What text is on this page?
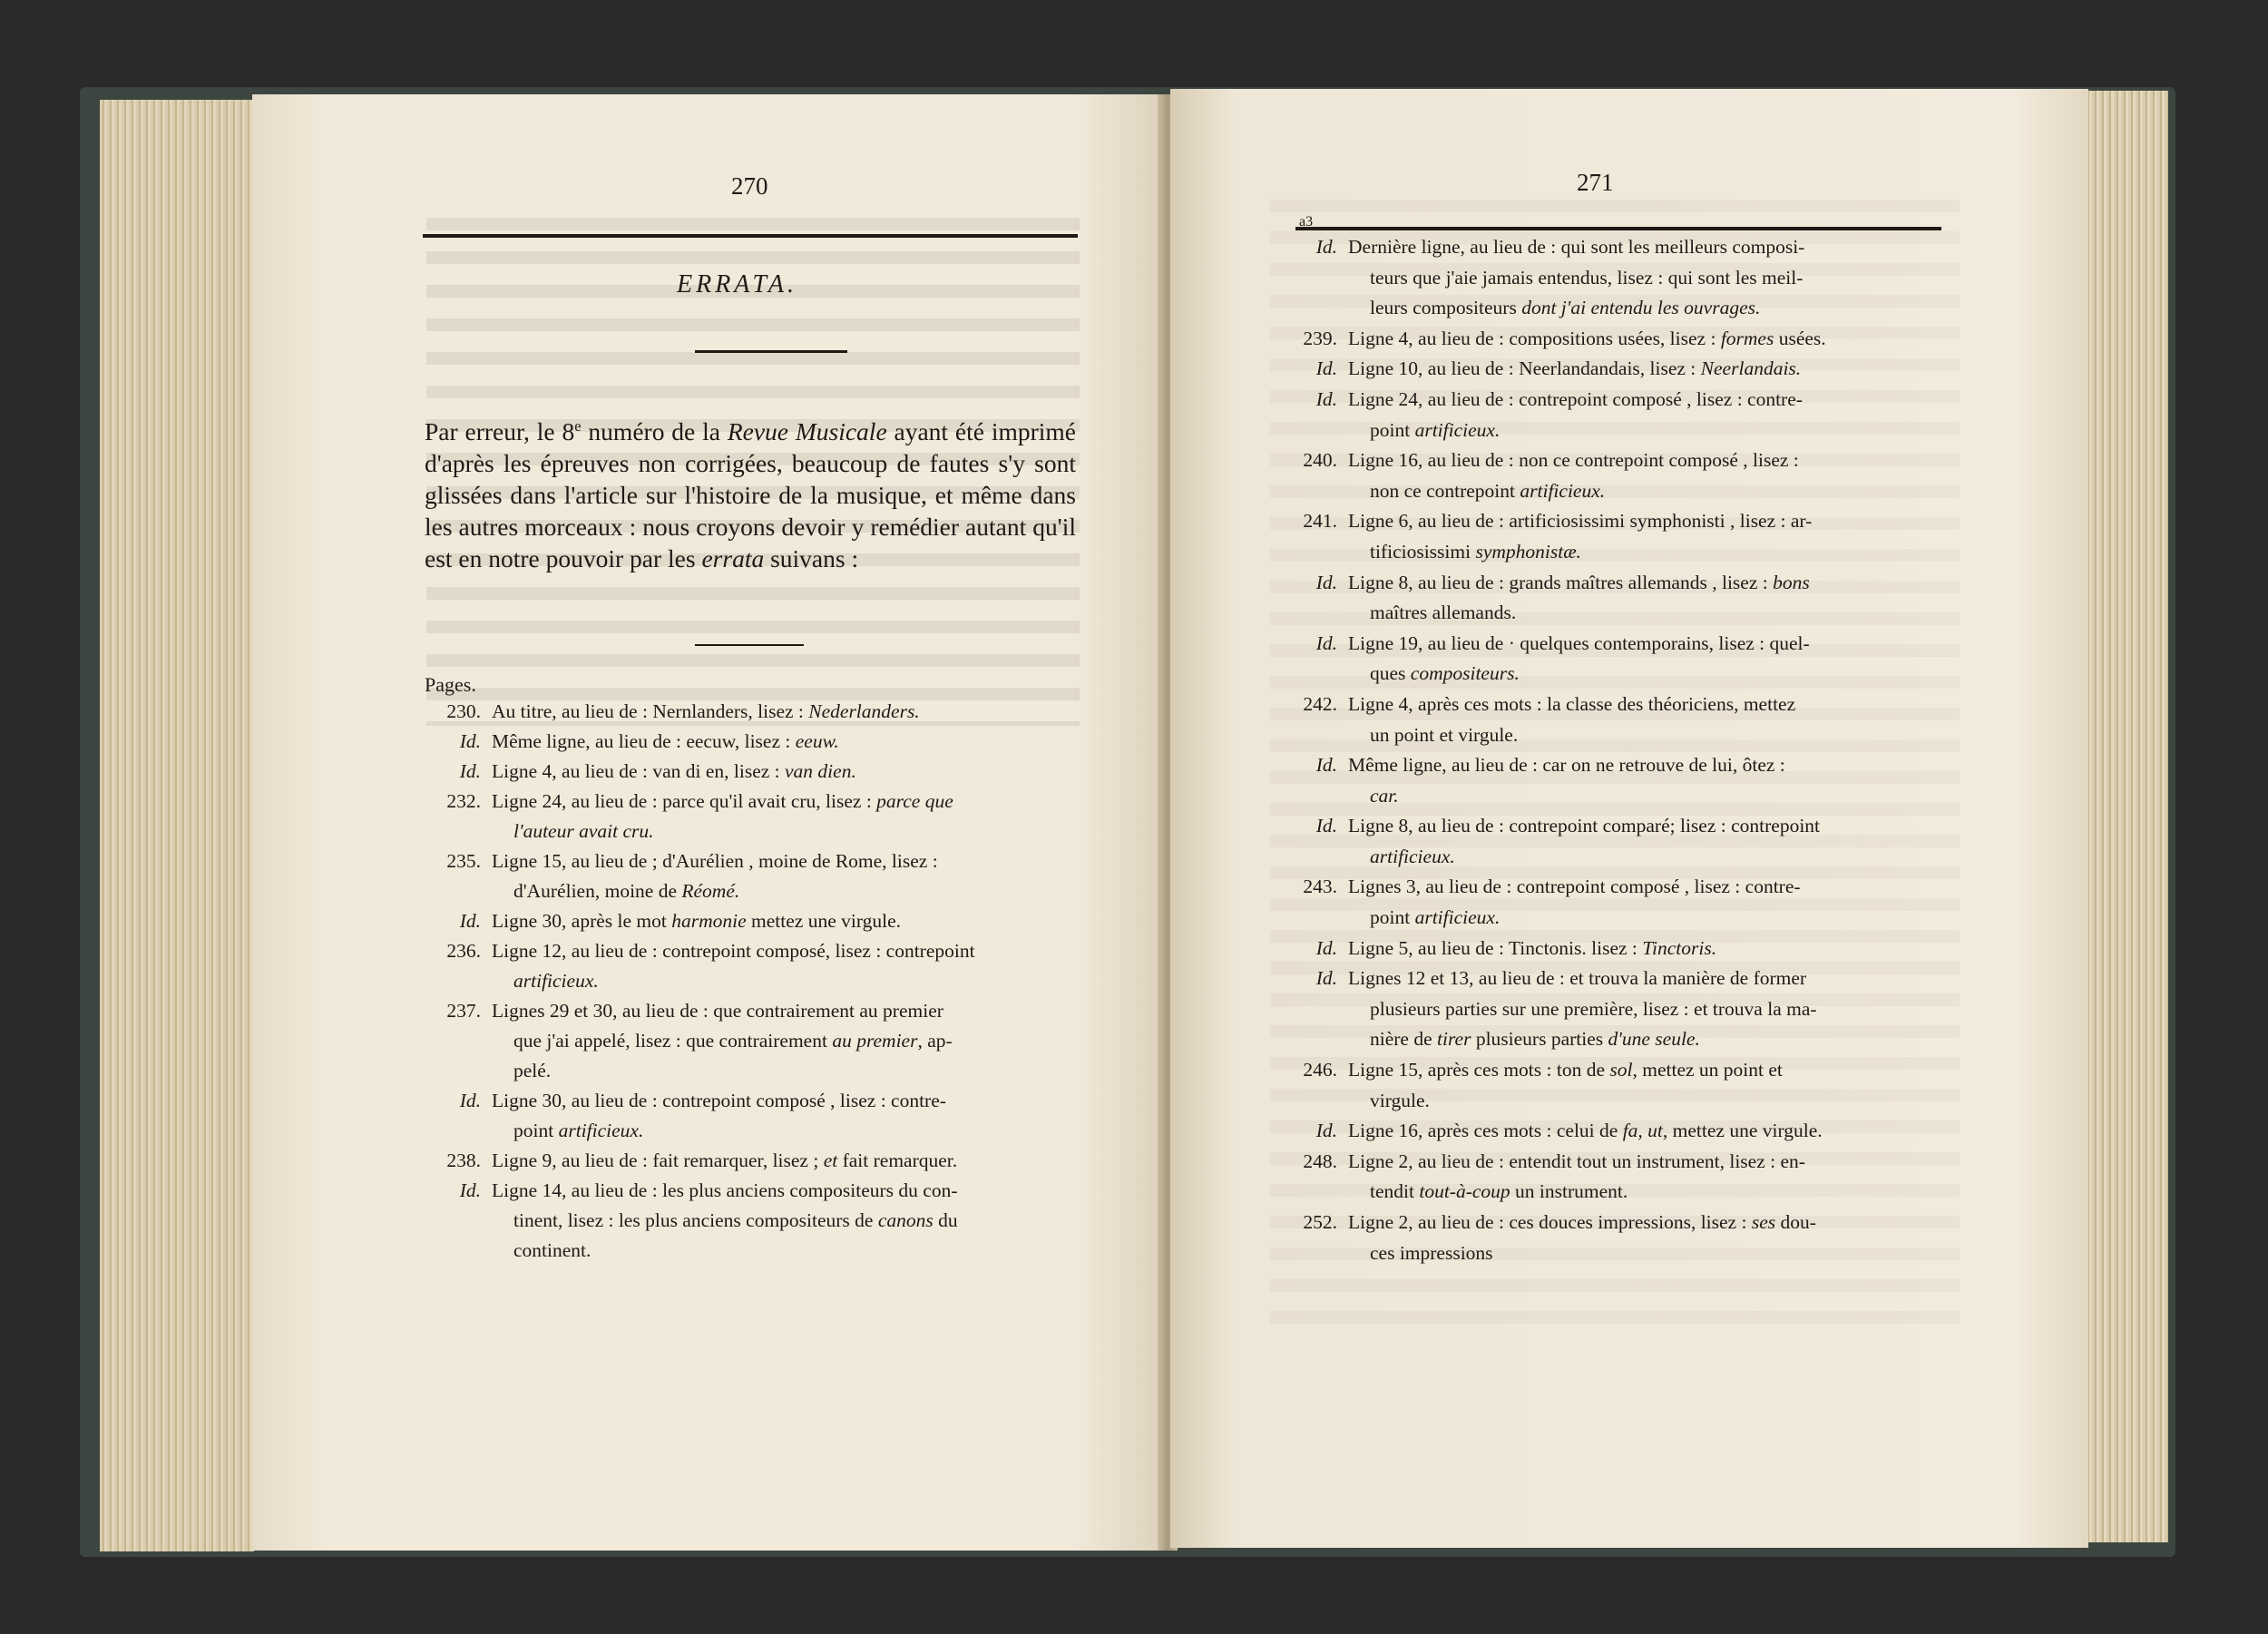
270
ERRATA.
Par erreur, le 8e numéro de la Revue Musicale ayant été imprimé d'après les épreuves non corrigées, beaucoup de fautes s'y sont glissées dans l'article sur l'histoire de la musique, et même dans les autres morceaux : nous croyons devoir y remédier autant qu'il est en notre pouvoir par les errata suivans :
Pages.
230. Au titre, au lieu de : Nernlanders, lisez : Nederlanders.
Id. Même ligne, au lieu de : eecuw, lisez : eeuw.
Id. Ligne 4, au lieu de : van di en, lisez : van dien.
232. Ligne 24, au lieu de : parce qu'il avait cru, lisez : parce que
l'auteur avait cru.
235. Ligne 15, au lieu de ; d'Aurélien , moine de Rome, lisez :
d'Aurélien, moine de Réomé.
Id. Ligne 30, après le mot harmonie mettez une virgule.
236. Ligne 12, au lieu de : contrepoint composé, lisez : contrepoint
artificieux.
237. Lignes 29 et 30, au lieu de : que contrairement au premier
que j'ai appelé, lisez : que contrairement au premier, ap-
pelé.
Id. Ligne 30, au lieu de : contrepoint composé , lisez : contre-
point artificieux.
238. Ligne 9, au lieu de : fait remarquer, lisez ; et fait remarquer.
Id. Ligne 14, au lieu de : les plus anciens compositeurs du con-
tinent, lisez : les plus anciens compositeurs de canons du
continent.
271
a3
Id. Dernière ligne, au lieu de : qui sont les meilleurs composi-
teurs que j'aie jamais entendus, lisez : qui sont les meil-
leurs compositeurs dont j'ai entendu les ouvrages.
239. Ligne 4, au lieu de : compositions usées, lisez : formes usées.
Id. Ligne 10, au lieu de : Neerlandandais, lisez : Neerlandais.
Id. Ligne 24, au lieu de : contrepoint composé , lisez : contre-
point artificieux.
240. Ligne 16, au lieu de : non ce contrepoint composé , lisez :
non ce contrepoint artificieux.
241. Ligne 6, au lieu de : artificiosissimi symphonisti , lisez : ar-
tificiosissimi symphonistæ.
Id. Ligne 8, au lieu de : grands maîtres allemands , lisez : bons
maîtres allemands.
Id. Ligne 19, au lieu de · quelques contemporains, lisez : quel-
ques compositeurs.
242. Ligne 4, après ces mots : la classe des théoriciens, mettez
un point et virgule.
Id. Même ligne, au lieu de : car on ne retrouve de lui, ôtez :
car.
Id. Ligne 8, au lieu de : contrepoint comparé; lisez : contrepoint
artificieux.
243. Lignes 3, au lieu de : contrepoint composé , lisez : contre-
point artificieux.
Id. Ligne 5, au lieu de : Tinctonis. lisez : Tinctoris.
Id. Lignes 12 et 13, au lieu de : et trouva la manière de former
plusieurs parties sur une première, lisez : et trouva la ma-
nière de tirer plusieurs parties d'une seule.
246. Ligne 15, après ces mots : ton de sol, mettez un point et
virgule.
Id. Ligne 16, après ces mots : celui de fa, ut, mettez une virgule.
248. Ligne 2, au lieu de : entendit tout un instrument, lisez : en-
tendit tout-à-coup un instrument.
252. Ligne 2, au lieu de : ces douces impressions, lisez : ses dou-
ces impressions
